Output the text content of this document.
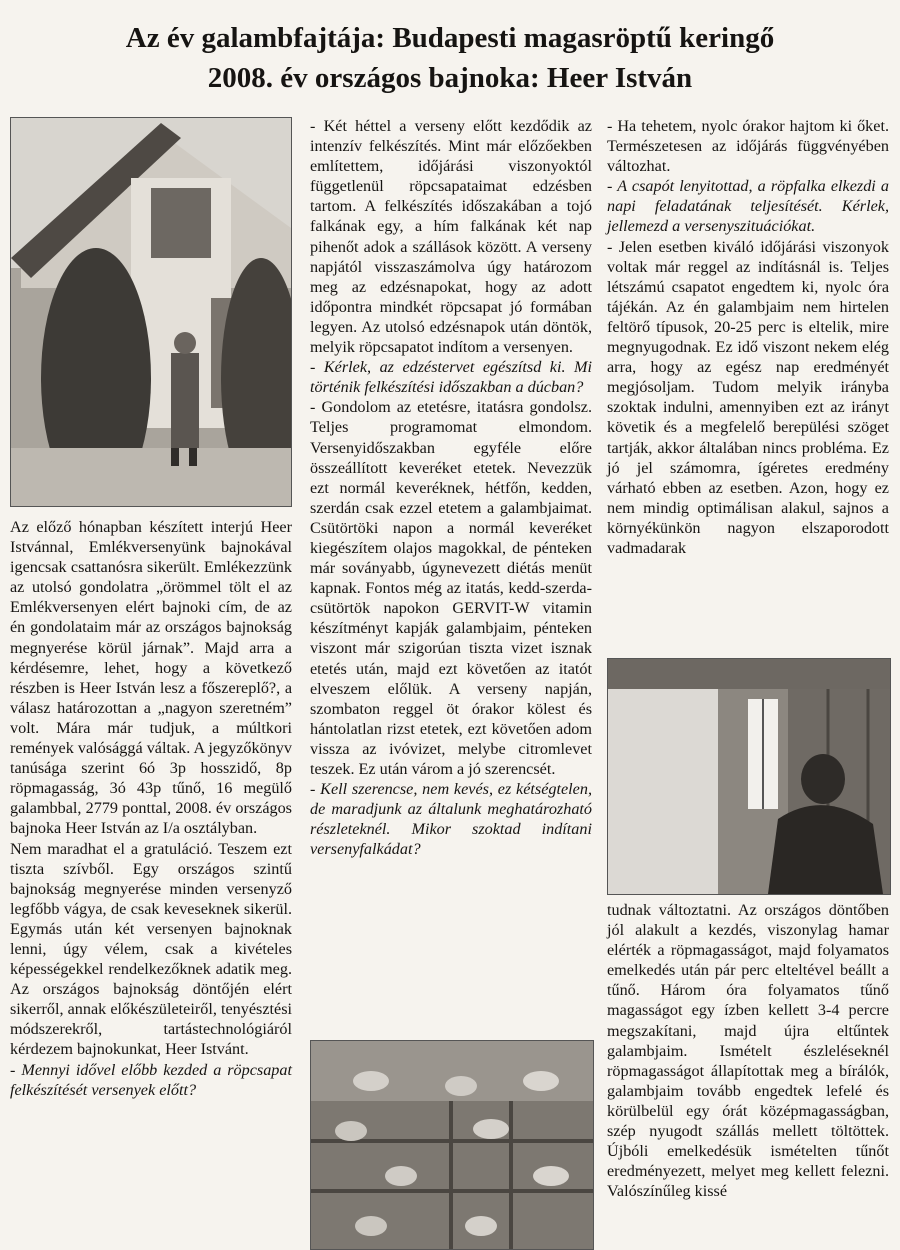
Az év galambfajtája: Budapesti magasröptű keringő
2008. év országos bajnoka: Heer István

Az előző hónapban készített interjú Heer Istvánnal, Emlékversenyünk bajnokával igencsak csattanósra sikerült. Emlékezzünk az utolsó gondolatra „örömmel tölt el az Emlékversenyen elért bajnoki cím, de az én gondolataim már az országos bajnokság megnyerése körül járnak”. Majd arra a kérdésemre, lehet, hogy a következő részben is Heer István lesz a főszereplő?, a válasz határozottan a „nagyon szeretném” volt. Mára már tudjuk, a múltkori remények valósággá váltak. A jegyzőkönyv tanúsága szerint 6ó 3p hosszidő, 8p röpmagasság, 3ó 43p tűnő, 16 megülő galambbal, 2779 ponttal, 2008. év országos bajnoka Heer István az I/a osztályban.

Nem maradhat el a gratuláció. Teszem ezt tiszta szívből. Egy országos szintű bajnokság megnyerése minden versenyző legfőbb vágya, de csak keveseknek sikerül. Egymás után két versenyen bajnoknak lenni, úgy vélem, csak a kivételes képességekkel rendelkezőknek adatik meg. Az országos bajnokság döntőjén elért sikerről, annak előkészületeiről, tenyésztési módszerekről, tartástechnológiáról kérdezem bajnokunkat, Heer Istvánt.

- Mennyi idővel előbb kezded a röpcsapat felkészítését versenyek előtt?

- Két héttel a verseny előtt kezdődik az intenzív felkészítés. Mint már előzőekben említettem, időjárási viszonyoktól függetlenül röpcsapataimat edzésben tartom. A felkészítés időszakában a tojó falkának egy, a hím falkának két nap pihenőt adok a szállások között. A verseny napjától visszaszámolva úgy határozom meg az edzésnapokat, hogy az adott időpontra mindkét röpcsapat jó formában legyen. Az utolsó edzésnapok után döntök, melyik röpcsapatot indítom a versenyen.

- Kérlek, az edzéstervet egészítsd ki. Mi történik felkészítési időszakban a dúcban?

- Gondolom az etetésre, itatásra gondolsz. Teljes programomat elmondom. Versenyidőszakban egyféle előre összeállított keveréket etetek. Nevezzük ezt normál keveréknek, hétfőn, kedden, szerdán csak ezzel etetem a galambjaimat. Csütörtöki napon a normál keveréket kiegészítem olajos magokkal, de pénteken már soványabb, úgynevezett diétás menüt kapnak. Fontos még az itatás, kedd-szerda-csütörtök napokon GERVIT-W vitamin készítményt kapják galambjaim, pénteken viszont már szigorúan tiszta vizet isznak etetés után, majd ezt követően az itatót elveszem előlük. A verseny napján, szombaton reggel öt órakor kölest és hántolatlan rizst etetek, ezt követően adom vissza az ivóvizet, melybe citromlevet teszek. Ez után várom a jó szerencsét.

- Kell szerencse, nem kevés, ez kétségtelen, de maradjunk az általunk meghatározható részleteknél. Mikor szoktad indítani versenyfalkádat?

- Ha tehetem, nyolc órakor hajtom ki őket. Természetesen az időjárás függvényében változhat.

- A csapót lenyitottad, a röpfalka elkezdi a napi feladatának teljesítését. Kérlek, jellemezd a versenyszituációkat.

- Jelen esetben kiváló időjárási viszonyok voltak már reggel az indításnál is. Teljes létszámú csapatot engedtem ki, nyolc óra tájékán. Az én galambjaim nem hirtelen feltörő típusok, 20-25 perc is eltelik, mire megnyugodnak. Ez idő viszont nekem elég arra, hogy az egész nap eredményét megjósoljam. Tudom melyik irányba szoktak indulni, amennyiben ezt az irányt követik és a megfelelő berepülési szöget tartják, akkor általában nincs probléma. Ez jó jel számomra, ígéretes eredmény várható ebben az esetben. Azon, hogy ez nem mindig optimálisan alakul, sajnos a környékünkön nagyon elszaporodott vadmadarak

tudnak változtatni. Az országos döntőben jól alakult a kezdés, viszonylag hamar elérték a röpmagasságot, majd folyamatos emelkedés után pár perc elteltével beállt a tűnő. Három óra folyamatos tűnő magasságot egy ízben kellett 3-4 percre megszakítani, majd újra eltűntek galambjaim. Ismételt észleléseknél röpmagasságot állapítottak meg a bírálók, galambjaim tovább engedtek lefelé és körülbelül egy órát középmagasságban, szép nyugodt szállás mellett töltöttek. Újbóli emelkedésük ismételten tűnőt eredményezett, melyet meg kellett felezni. Valószínűleg kissé
